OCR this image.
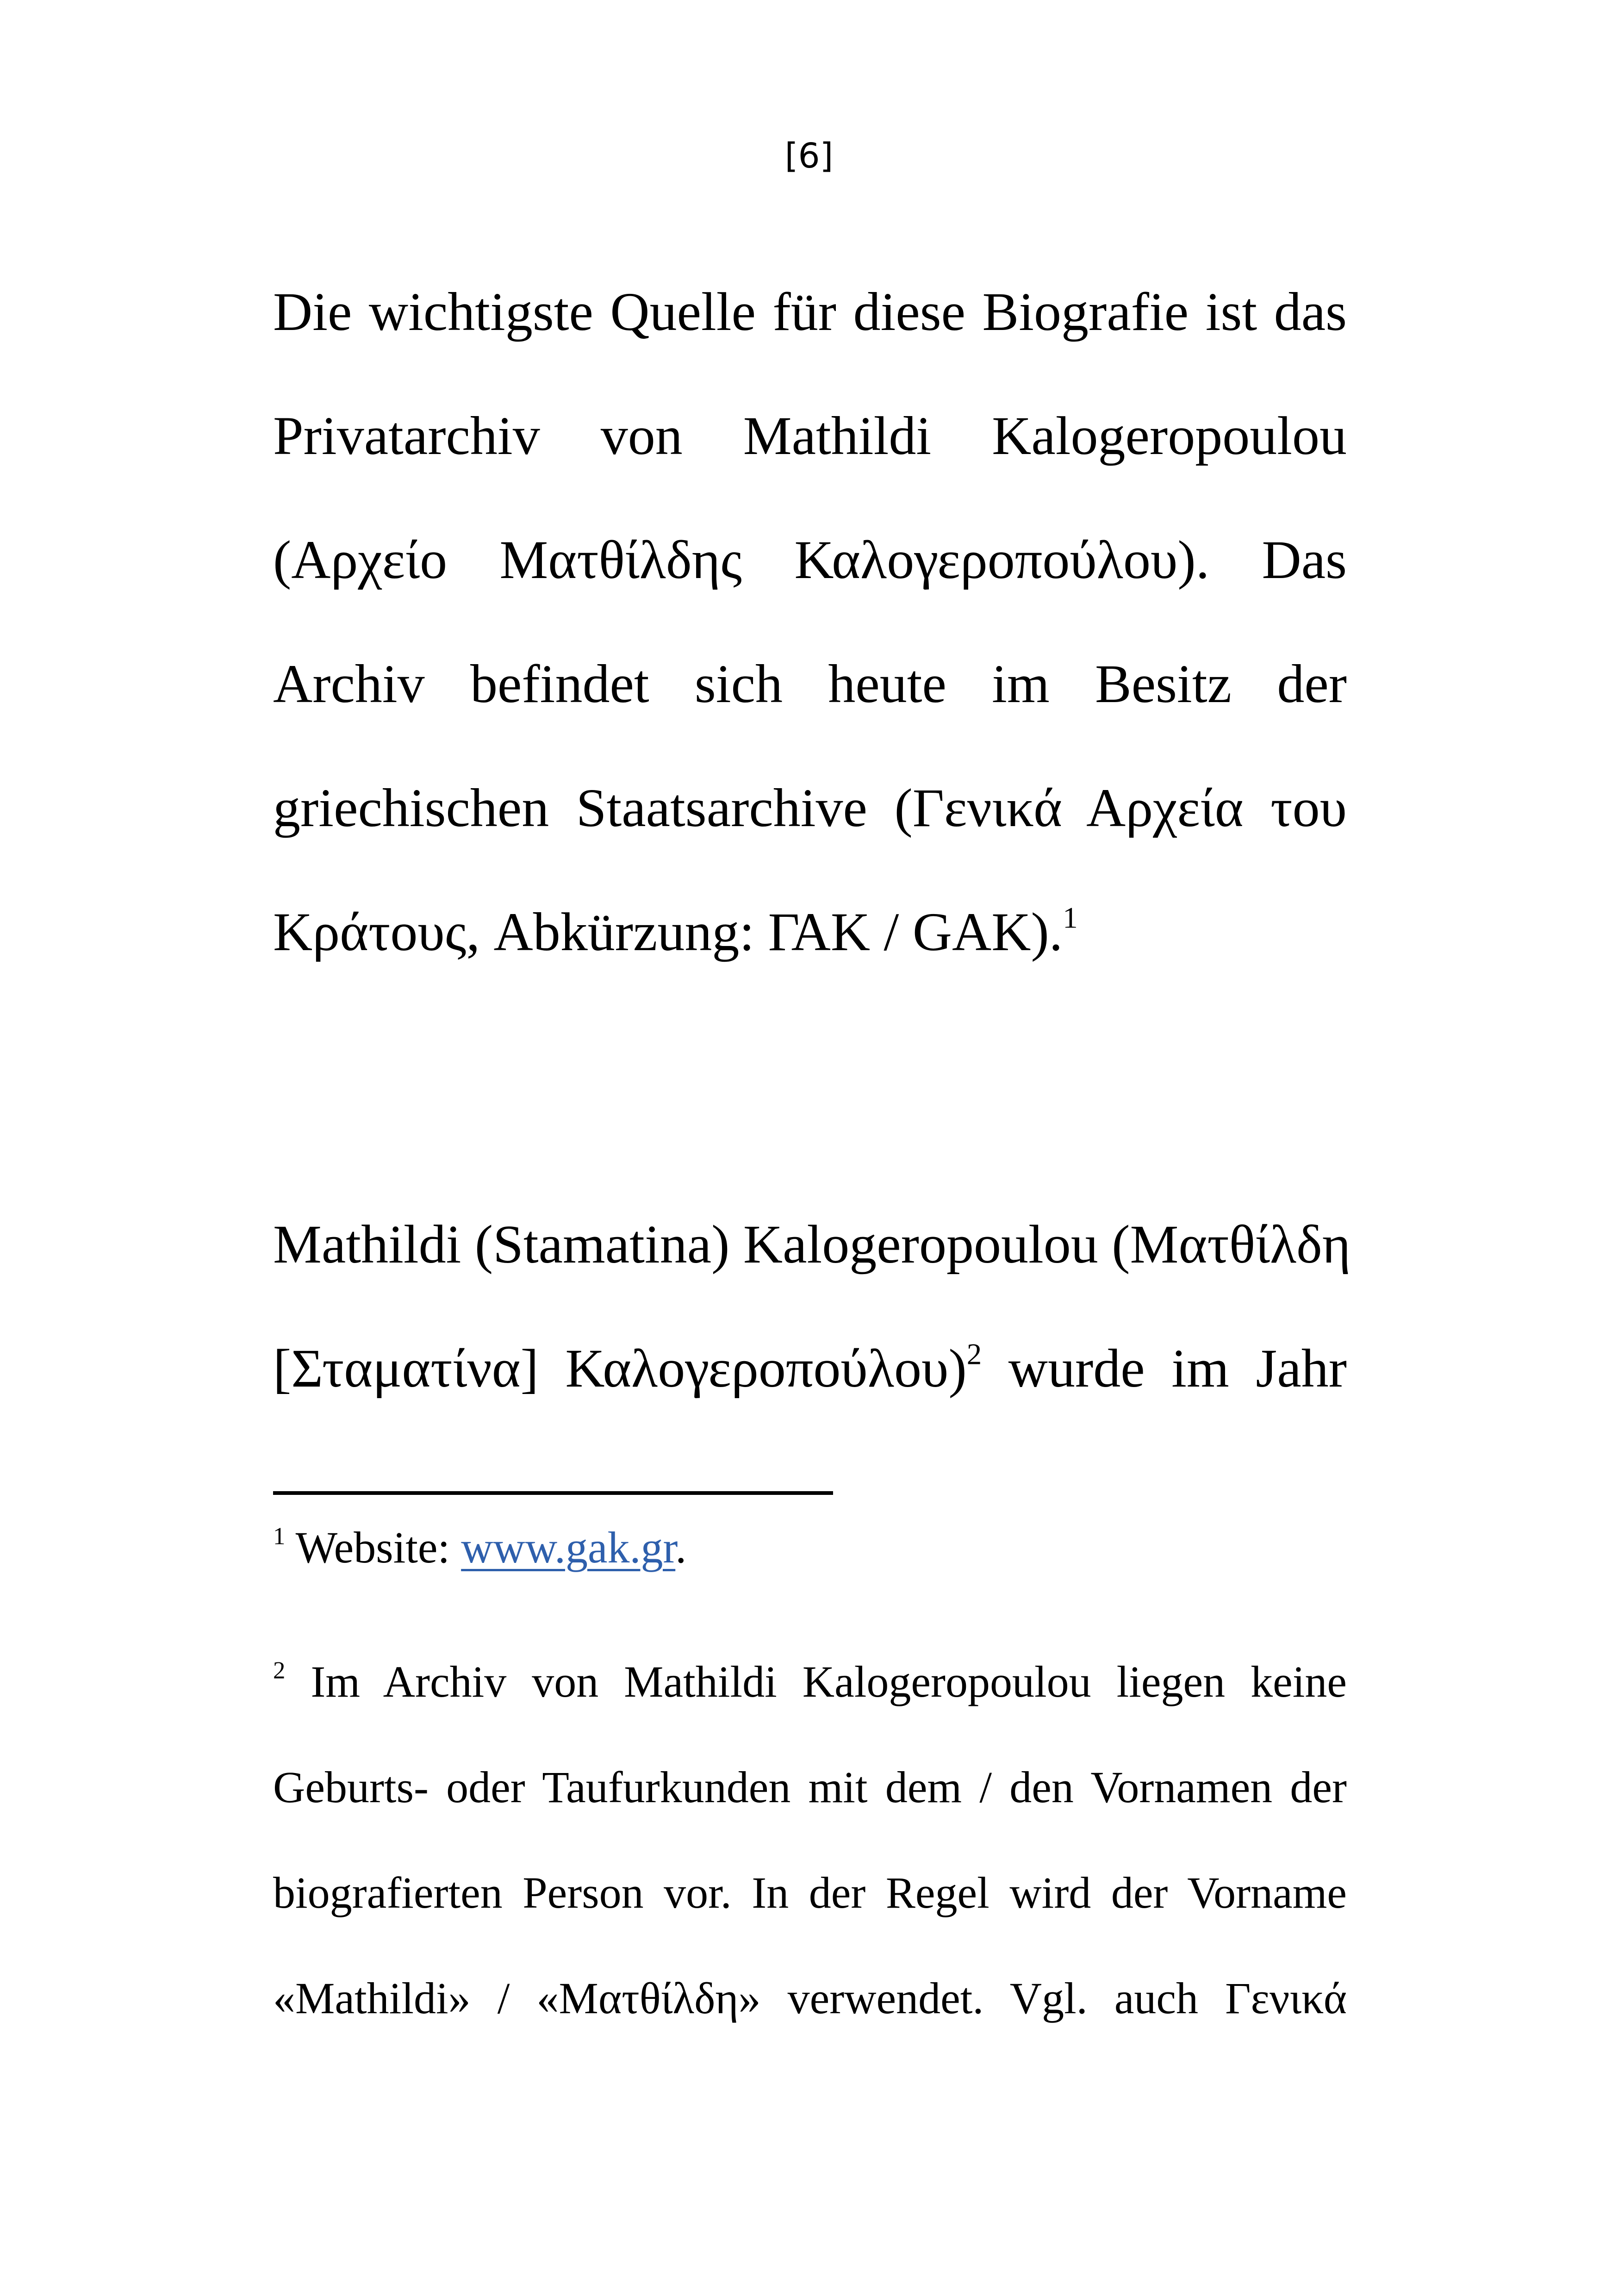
[6]
Die wichtigste Quelle für diese Biografie ist das
Privatarchiv von Mathildi Kalogeropoulou
(Αρχείο Ματθίλδης Καλογεροπούλου). Das
Archiv befindet sich heute im Besitz der
griechischen Staatsarchive (Γενικά Αρχεία του
Κράτους, Abkürzung: ΓΑΚ / GAK).$^1$
Mathildi (Stamatina) Kalogeropoulou (Ματθίλδη
[Σταματίνα] Καλογεροπούλου)$^2$ wurde im Jahr
$^1$ Website: www.gak.gr.
$^2$ Im Archiv von Mathildi Kalogeropoulou liegen keine
Geburts- oder Taufurkunden mit dem / den Vornamen der
biografierten Person vor. In der Regel wird der Vorname
«Mathildi» / «Ματθίλδη» verwendet. Vgl. auch Γενικά
